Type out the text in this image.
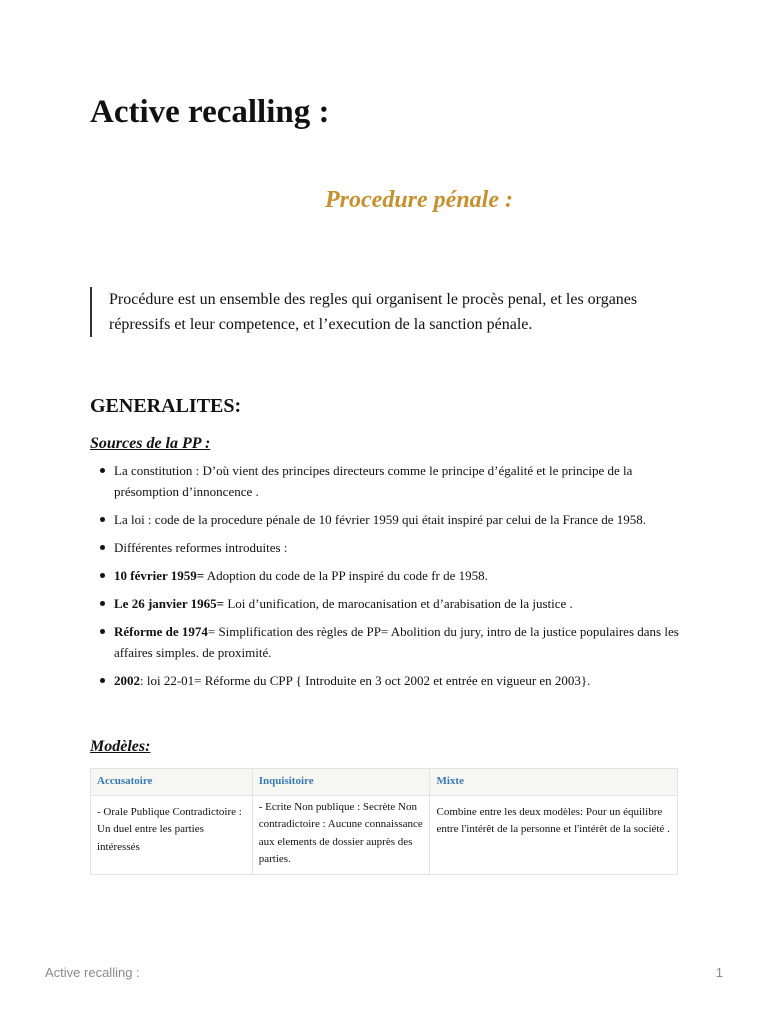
Active recalling :
Procedure pénale :
Procédure est un ensemble des regles qui organisent le procès penal, et les organes répressifs et leur competence, et l’execution de la sanction pénale.
GENERALITES:
Sources de la PP :
La constitution : D’où vient des principes directeurs comme le principe d’égalité et le principe de la présomption d’innoncence .
La loi : code de la procedure pénale de 10 février 1959 qui était inspiré par celui de la France de 1958.
Différentes reformes introduites :
10 février 1959= Adoption du code de la PP inspiré du code fr de 1958.
Le 26 janvier 1965= Loi d’unification, de marocanisation et d’arabisation de la justice .
Réforme de 1974= Simplification des règles de PP= Abolition du jury, intro de la justice populaires dans les affaires simples. de proximité.
2002: loi 22-01= Réforme du CPP { Introduite en 3 oct 2002 et entrée en vigueur en 2003}.
Modèles:
Accusatoire	Inquisitoire	Mixte
- Orale Publique Contradictoire : Un duel entre les parties intéressés	- Ecrite Non publique : Secrète Non contradictoire : Aucune connaissance aux elements de dossier auprès des parties.	Combine entre les deux modèles: Pour un équilibre entre l'intérêt de la personne et l'intérêt de la société .
Active recalling :	1
